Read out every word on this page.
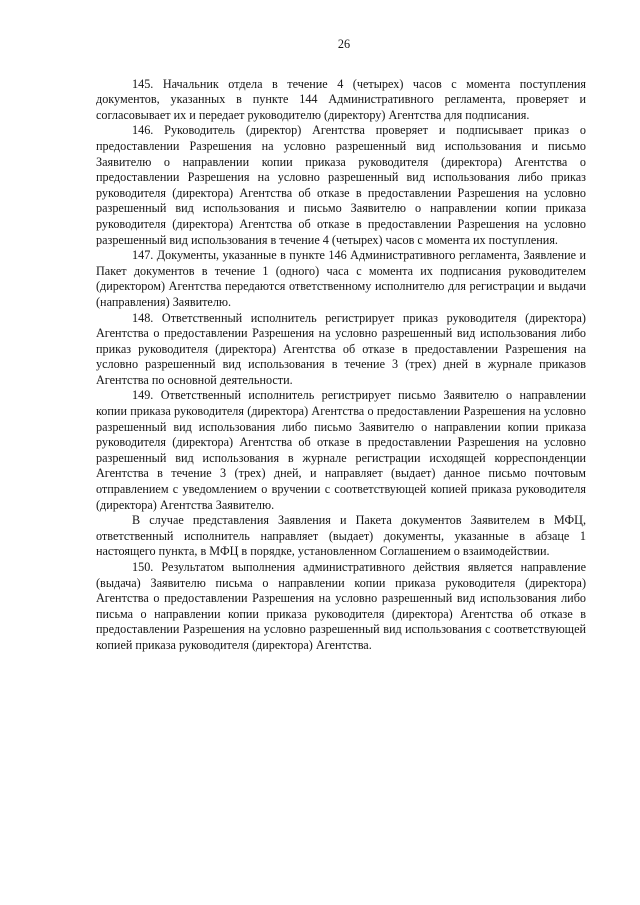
26

145. Начальник отдела в течение 4 (четырех) часов с момента поступления документов, указанных в пункте 144 Административного регламента, проверяет и согласовывает их и передает руководителю (директору) Агентства для подписания.

146. Руководитель (директор) Агентства проверяет и подписывает приказ о предоставлении Разрешения на условно разрешенный вид использования и письмо Заявителю о направлении копии приказа руководителя (директора) Агентства о предоставлении Разрешения на условно разрешенный вид использования либо приказ руководителя (директора) Агентства об отказе в предоставлении Разрешения на условно разрешенный вид использования и письмо Заявителю о направлении копии приказа руководителя (директора) Агентства об отказе в предоставлении Разрешения на условно разрешенный вид использования в течение 4 (четырех) часов с момента их поступления.

147. Документы, указанные в пункте 146 Административного регламента, Заявление и Пакет документов в течение 1 (одного) часа с момента их подписания руководителем (директором) Агентства передаются ответственному исполнителю для регистрации и выдачи (направления) Заявителю.

148. Ответственный исполнитель регистрирует приказ руководителя (директора) Агентства о предоставлении Разрешения на условно разрешенный вид использования либо приказ руководителя (директора) Агентства об отказе в предоставлении Разрешения на условно разрешенный вид использования в течение 3 (трех) дней в журнале приказов Агентства по основной деятельности.

149. Ответственный исполнитель регистрирует письмо Заявителю о направлении копии приказа руководителя (директора) Агентства о предоставлении Разрешения на условно разрешенный вид использования либо письмо Заявителю о направлении копии приказа руководителя (директора) Агентства об отказе в предоставлении Разрешения на условно разрешенный вид использования в журнале регистрации исходящей корреспонденции Агентства в течение 3 (трех) дней, и направляет (выдает) данное письмо почтовым отправлением с уведомлением о вручении с соответствующей копией приказа руководителя (директора) Агентства Заявителю.

В случае представления Заявления и Пакета документов Заявителем в МФЦ, ответственный исполнитель направляет (выдает) документы, указанные в абзаце 1 настоящего пункта, в МФЦ в порядке, установленном Соглашением о взаимодействии.

150. Результатом выполнения административного действия является направление (выдача) Заявителю письма о направлении копии приказа руководителя (директора) Агентства о предоставлении Разрешения на условно разрешенный вид использования либо письма о направлении копии приказа руководителя (директора) Агентства об отказе в предоставлении Разрешения на условно разрешенный вид использования с соответствующей копией приказа руководителя (директора) Агентства.
